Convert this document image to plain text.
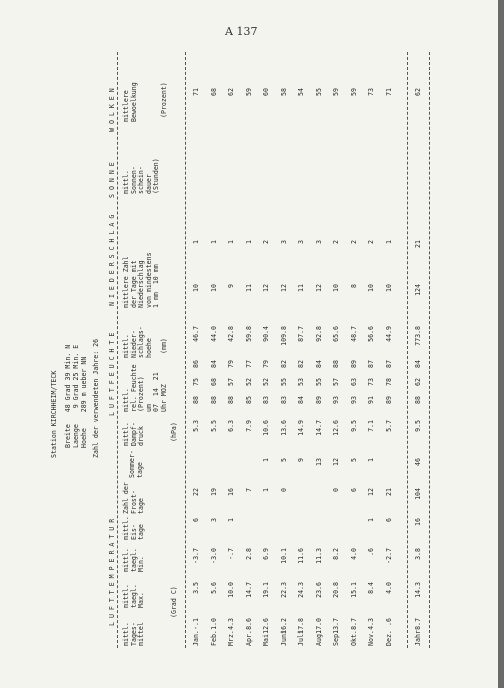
A 137

Station KIRCHHEIM/TECK

Breite   48 Grad 39 Min. N

Laenge    9 Grad 25 Min. E

Hoehe    289 m ueber NN

Zahl der verwendeten Jahre: 26

L U F T T E M P E R A T U R

L U F T F E U C H T E

N I E D E R S C H L A G

S O N N E

W O L K E N

mittl.
Tages-
mittel

mittl.
taegl.
Max.

mittl.
taegl.
Min.

mittl.
Eis-
tage

Zahl der
Frost-
tage

Sommer-
tage

mittl.
Dampf-
druck

mittl.
rel. Feuchte
(Prozent)
um
07  14  21
Uhr MOZ

mittl.
Nieder-
schlags-
hoehe

mittlere Zahl
der Tage mit
Niederschlag
von mindestens
1 mm  10 mm

mittl.
Sonnen-
schein-
dauer
(Stunden)

mittlere
Bewoelkung

(Grad C)

(hPa)

(mm)

(Prozent)

Jan.
-.1
3.5
-3.7
6
22
5.3
88
75
86
46.7
10
1
71
Feb.
1.0
5.6
-3.0
3
19
5.5
88
68
84
44.0
10
1
68
Mrz.
4.3
10.0
-.7
1
16
6.3
88
57
79
42.8
9
1
62
Apr.
8.6
14.7
2.8
7
7.9
85
52
77
59.8
11
1
59
Mai
12.6
19.1
6.9
1
1
10.6
83
52
79
90.4
12
2
60
Juni
16.2
22.3
10.1
0
5
13.6
83
55
82
109.8
12
3
58
Juli
17.8
24.3
11.6
9
14.9
84
53
82
87.7
11
3
54
Aug.
17.0
23.6
11.3
13
14.7
89
55
84
92.8
12
3
55
Sep.
13.7
20.8
8.2
0
12
12.6
93
57
88
65.6
10
2
59
Okt.
8.7
15.1
4.0
6
5
9.5
93
63
89
48.7
8
2
59
Nov.
4.3
8.4
.6
1
12
1
7.1
91
73
87
56.6
10
2
73
Dez.
.6
4.0
-2.7
6
21
5.7
89
78
87
44.9
10
1
71

Jahr
8.7
14.3
3.8
16
104
46
9.5
88
62
84
773.8
124
21
62
